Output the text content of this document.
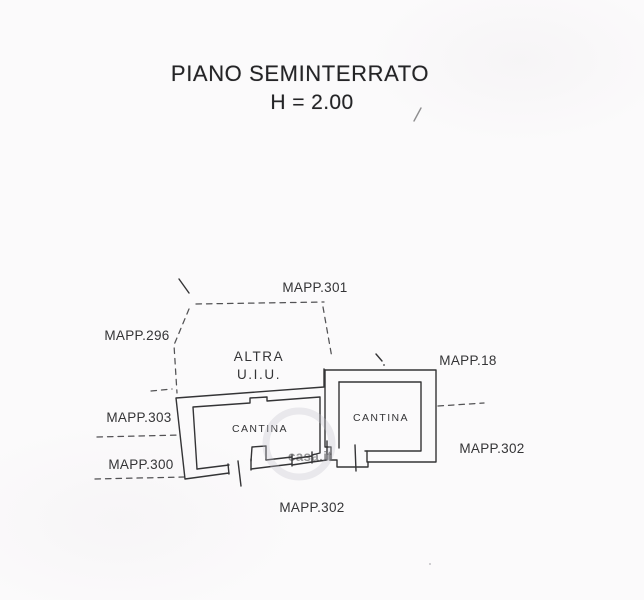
PIANO SEMINTERRATO
H = 2.00
MAPP.301
MAPP.296
MAPP.18
MAPP.303
MAPP.300
MAPP.302
MAPP.302
ALTRA
U.I.U.
CANTINA
CANTINA
casa.it
